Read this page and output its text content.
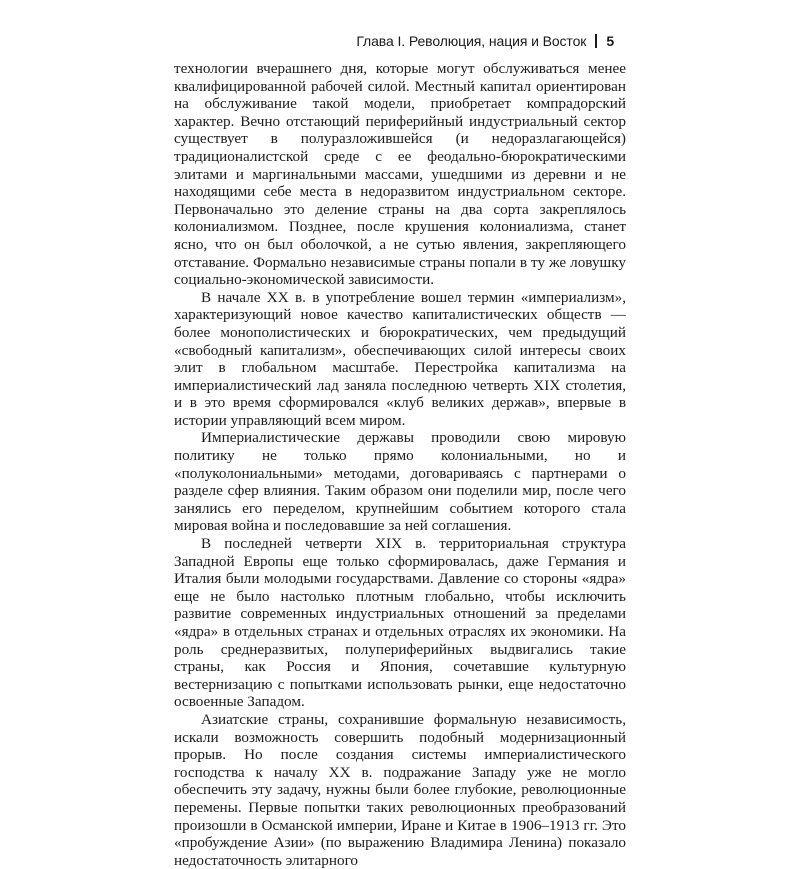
Глава I. Революция, нация и Восток 5

технологии вчерашнего дня, которые могут обслуживаться менее квалифицированной рабочей силой. Местный капитал ориентирован на обслуживание такой модели, приобретает компрадорский характер. Вечно отстающий периферийный индустриальный сектор существует в полуразложившейся (и недоразлагающейся) традиционалистской среде с ее феодально-бюрократическими элитами и маргинальными массами, ушедшими из деревни и не находящими себе места в недоразвитом индустриальном секторе. Первоначально это деление страны на два сорта закреплялось колониализмом. Позднее, после крушения колониализма, станет ясно, что он был оболочкой, а не сутью явления, закрепляющего отставание. Формально независимые страны попали в ту же ловушку социально-экономической зависимости.

В начале XX в. в употребление вошел термин «империализм», характеризующий новое качество капиталистических обществ — более монополистических и бюрократических, чем предыдущий «свободный капитализм», обеспечивающих силой интересы своих элит в глобальном масштабе. Перестройка капитализма на империалистический лад заняла последнюю четверть XIX столетия, и в это время сформировался «клуб великих держав», впервые в истории управляющий всем миром.

Империалистические державы проводили свою мировую политику не только прямо колониальными, но и «полуколониальными» методами, договариваясь с партнерами о разделе сфер влияния. Таким образом они поделили мир, после чего занялись его переделом, крупнейшим событием которого стала мировая война и последовавшие за ней соглашения.

В последней четверти XIX в. территориальная структура Западной Европы еще только сформировалась, даже Германия и Италия были молодыми государствами. Давление со стороны «ядра» еще не было настолько плотным глобально, чтобы исключить развитие современных индустриальных отношений за пределами «ядра» в отдельных странах и отдельных отраслях их экономики. На роль среднеразвитых, полупериферийных выдвигались такие страны, как Россия и Япония, сочетавшие культурную вестернизацию с попытками использовать рынки, еще недостаточно освоенные Западом.

Азиатские страны, сохранившие формальную независимость, искали возможность совершить подобный модернизационный прорыв. Но после создания системы империалистического господства к началу XX в. подражание Западу уже не могло обеспечить эту задачу, нужны были более глубокие, революционные перемены. Первые попытки таких революционных преобразований произошли в Османской империи, Иране и Китае в 1906–1913 гг. Это «пробуждение Азии» (по выражению Владимира Ленина) показало недостаточность элитарного
